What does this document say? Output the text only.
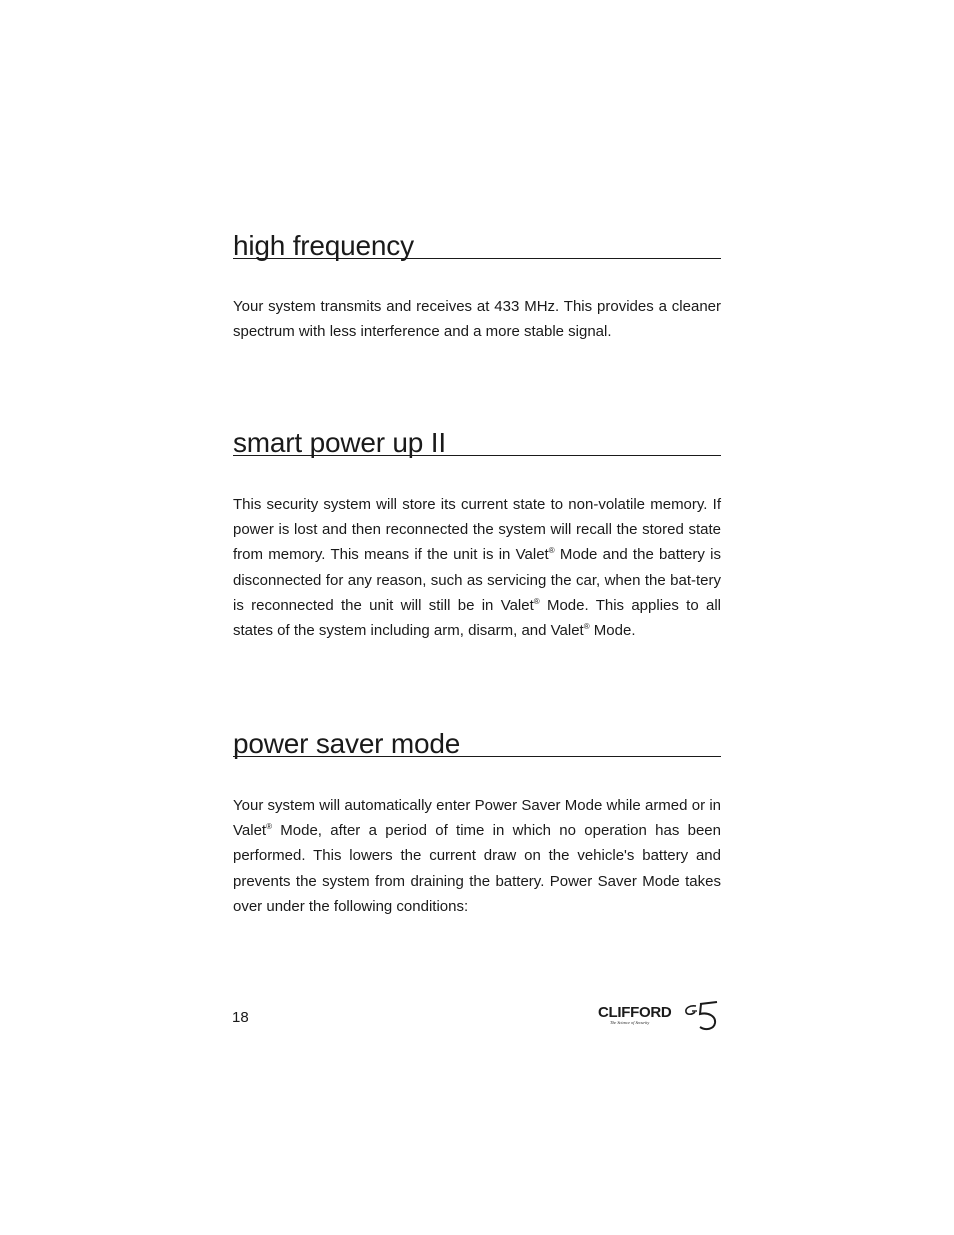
high frequency

Your system transmits and receives at 433 MHz. This provides a cleaner spectrum with less interference and a more stable signal.

smart power up II

This security system will store its current state to non-volatile memory. If power is lost and then reconnected the system will recall the stored state from memory. This means if the unit is in Valet® Mode and the battery is disconnected for any reason, such as servicing the car, when the bat-tery is reconnected the unit will still be in Valet® Mode. This applies to all states of the system including arm, disarm, and Valet® Mode.

power saver mode

Your system will automatically enter Power Saver Mode while armed or in Valet® Mode, after a period of time in which no operation has been performed. This lowers the current draw on the vehicle's battery and prevents the system from draining the battery. Power Saver Mode takes over under the following conditions:

18	CLIFFORD
The Science of Security
